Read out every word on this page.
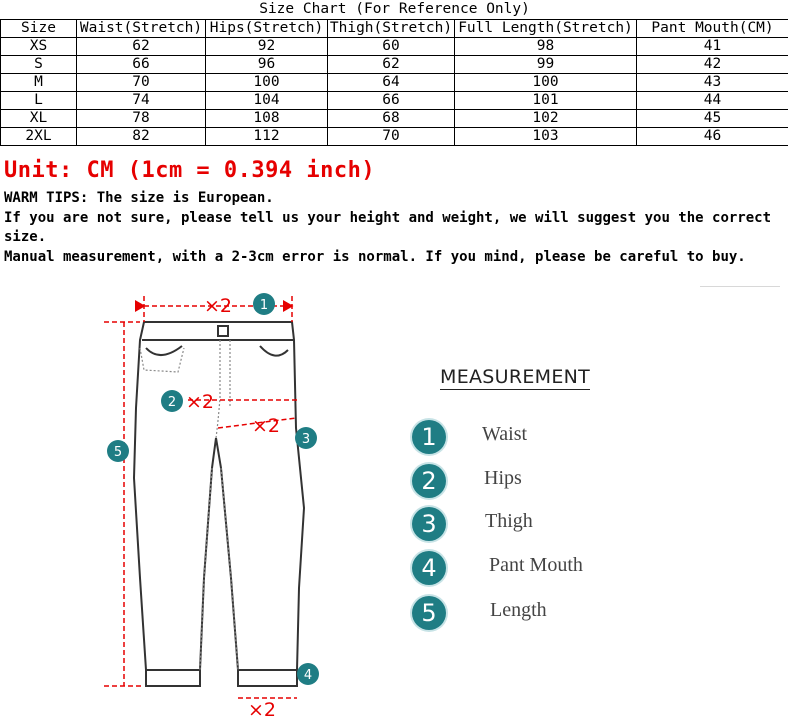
Size Chart (For Reference Only)					
Size	Waist(Stretch)	Hips(Stretch)	Thigh(Stretch)	Full Length(Stretch)	Pant Mouth(CM)
XS	62	92	60	98	41
S	66	96	62	99	42
M	70	100	64	100	43
L	74	104	66	101	44
XL	78	108	68	102	45
2XL	82	112	70	103	46
Unit: CM (1cm = 0.394 inch)

WARM TIPS: The size is European.

If you are not sure, please tell us your height and weight, we will suggest you the correct size.

Manual measurement, with a 2-3cm error is normal. If you mind, please be careful to buy.

×2
×2
×2
×2
1
2
3
4
5
MEASUREMENT
1	Waist
2	Hips
3	Thigh
4	Pant Mouth
5	Length
